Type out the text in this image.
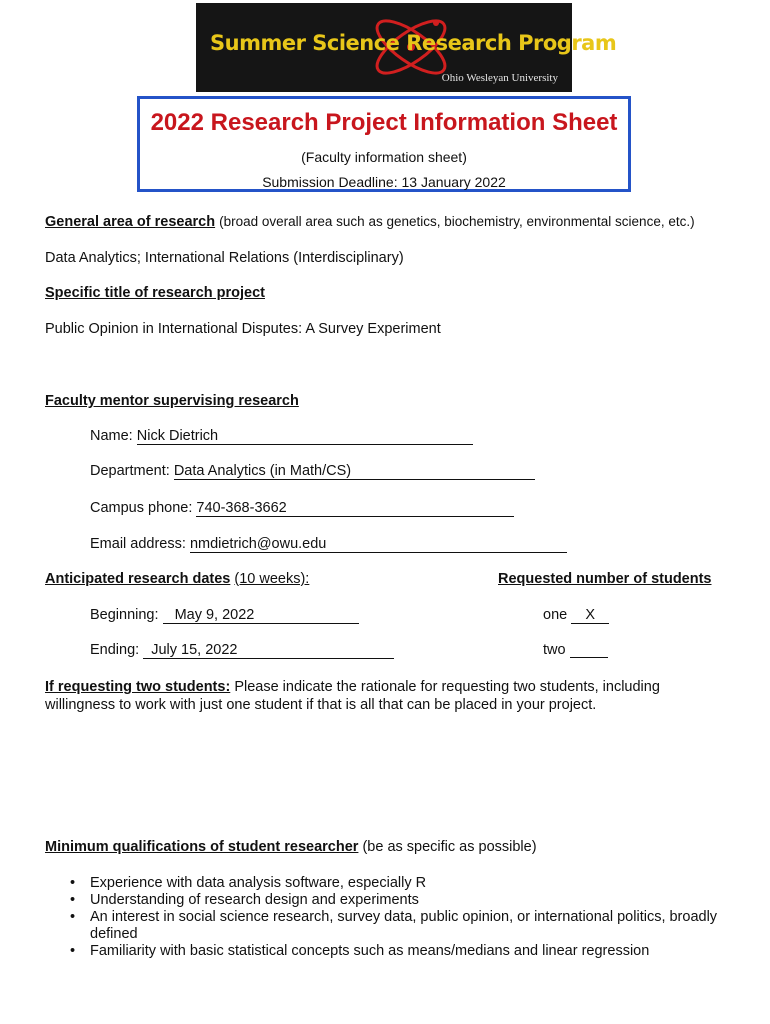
Summer Science Research Program
Ohio Wesleyan University
2022 Research Project Information Sheet
(Faculty information sheet)
Submission Deadline: 13 January 2022
General area of research (broad overall area such as genetics, biochemistry, environmental science, etc.)
Data Analytics; International Relations (Interdisciplinary)
Specific title of research project
Public Opinion in International Disputes: A Survey Experiment
Faculty mentor supervising research
Name: Nick Dietrich
Department: Data Analytics (in Math/CS)
Campus phone: 740-368-3662
Email address: nmdietrich@owu.edu
Anticipated research dates (10 weeks):	Requested number of students
Beginning: May 9, 2022	one X
Ending: July 15, 2022	two
If requesting two students: Please indicate the rationale for requesting two students, including willingness to work with just one student if that is all that can be placed in your project.
Minimum qualifications of student researcher (be as specific as possible)
• Experience with data analysis software, especially R
• Understanding of research design and experiments
• An interest in social science research, survey data, public opinion, or international politics, broadly defined
• Familiarity with basic statistical concepts such as means/medians and linear regression
